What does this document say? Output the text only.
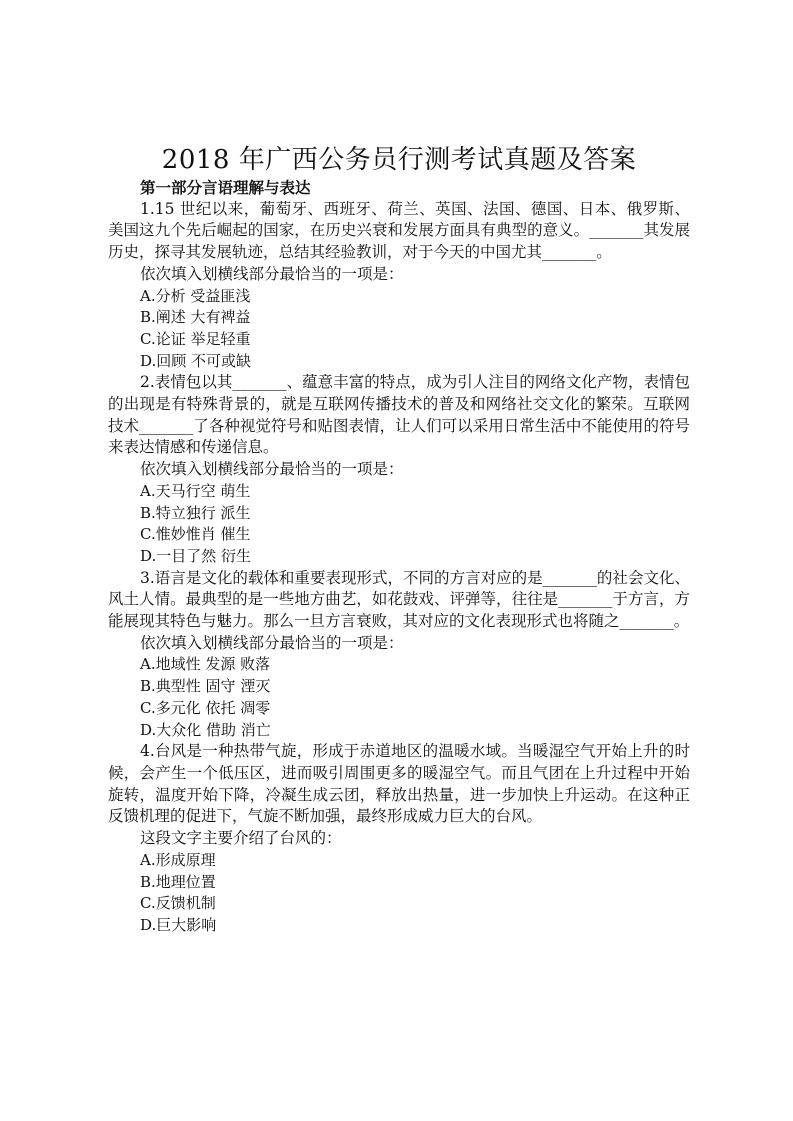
2018 年广西公务员行测考试真题及答案

第一部分言语理解与表达

1.15 世纪以来，葡萄牙、西班牙、荷兰、英国、法国、德国、日本、俄罗斯、美国这九个先后崛起的国家，在历史兴衰和发展方面具有典型的意义。_______其发展历史，探寻其发展轨迹，总结其经验教训，对于今天的中国尤其_______。

依次填入划横线部分最恰当的一项是：

A.分析 受益匪浅
B.阐述 大有裨益
C.论证 举足轻重
D.回顾 不可或缺

2.表情包以其_______、蕴意丰富的特点，成为引人注目的网络文化产物，表情包的出现是有特殊背景的，就是互联网传播技术的普及和网络社交文化的繁荣。互联网技术_______了各种视觉符号和贴图表情，让人们可以采用日常生活中不能使用的符号来表达情感和传递信息。

依次填入划横线部分最恰当的一项是：

A.天马行空 萌生
B.特立独行 派生
C.惟妙惟肖 催生
D.一目了然 衍生

3.语言是文化的载体和重要表现形式，不同的方言对应的是_______的社会文化、风土人情。最典型的是一些地方曲艺，如花鼓戏、评弹等，往往是_______于方言，方能展现其特色与魅力。那么一旦方言衰败，其对应的文化表现形式也将随之_______。

依次填入划横线部分最恰当的一项是：

A.地域性 发源 败落
B.典型性 固守 湮灭
C.多元化 依托 凋零
D.大众化 借助 消亡

4.台风是一种热带气旋，形成于赤道地区的温暖水域。当暖湿空气开始上升的时候，会产生一个低压区，进而吸引周围更多的暖湿空气。而且气团在上升过程中开始旋转，温度开始下降，冷凝生成云团，释放出热量，进一步加快上升运动。在这种正反馈机理的促进下，气旋不断加强，最终形成威力巨大的台风。

这段文字主要介绍了台风的：

A.形成原理
B.地理位置
C.反馈机制
D.巨大影响
